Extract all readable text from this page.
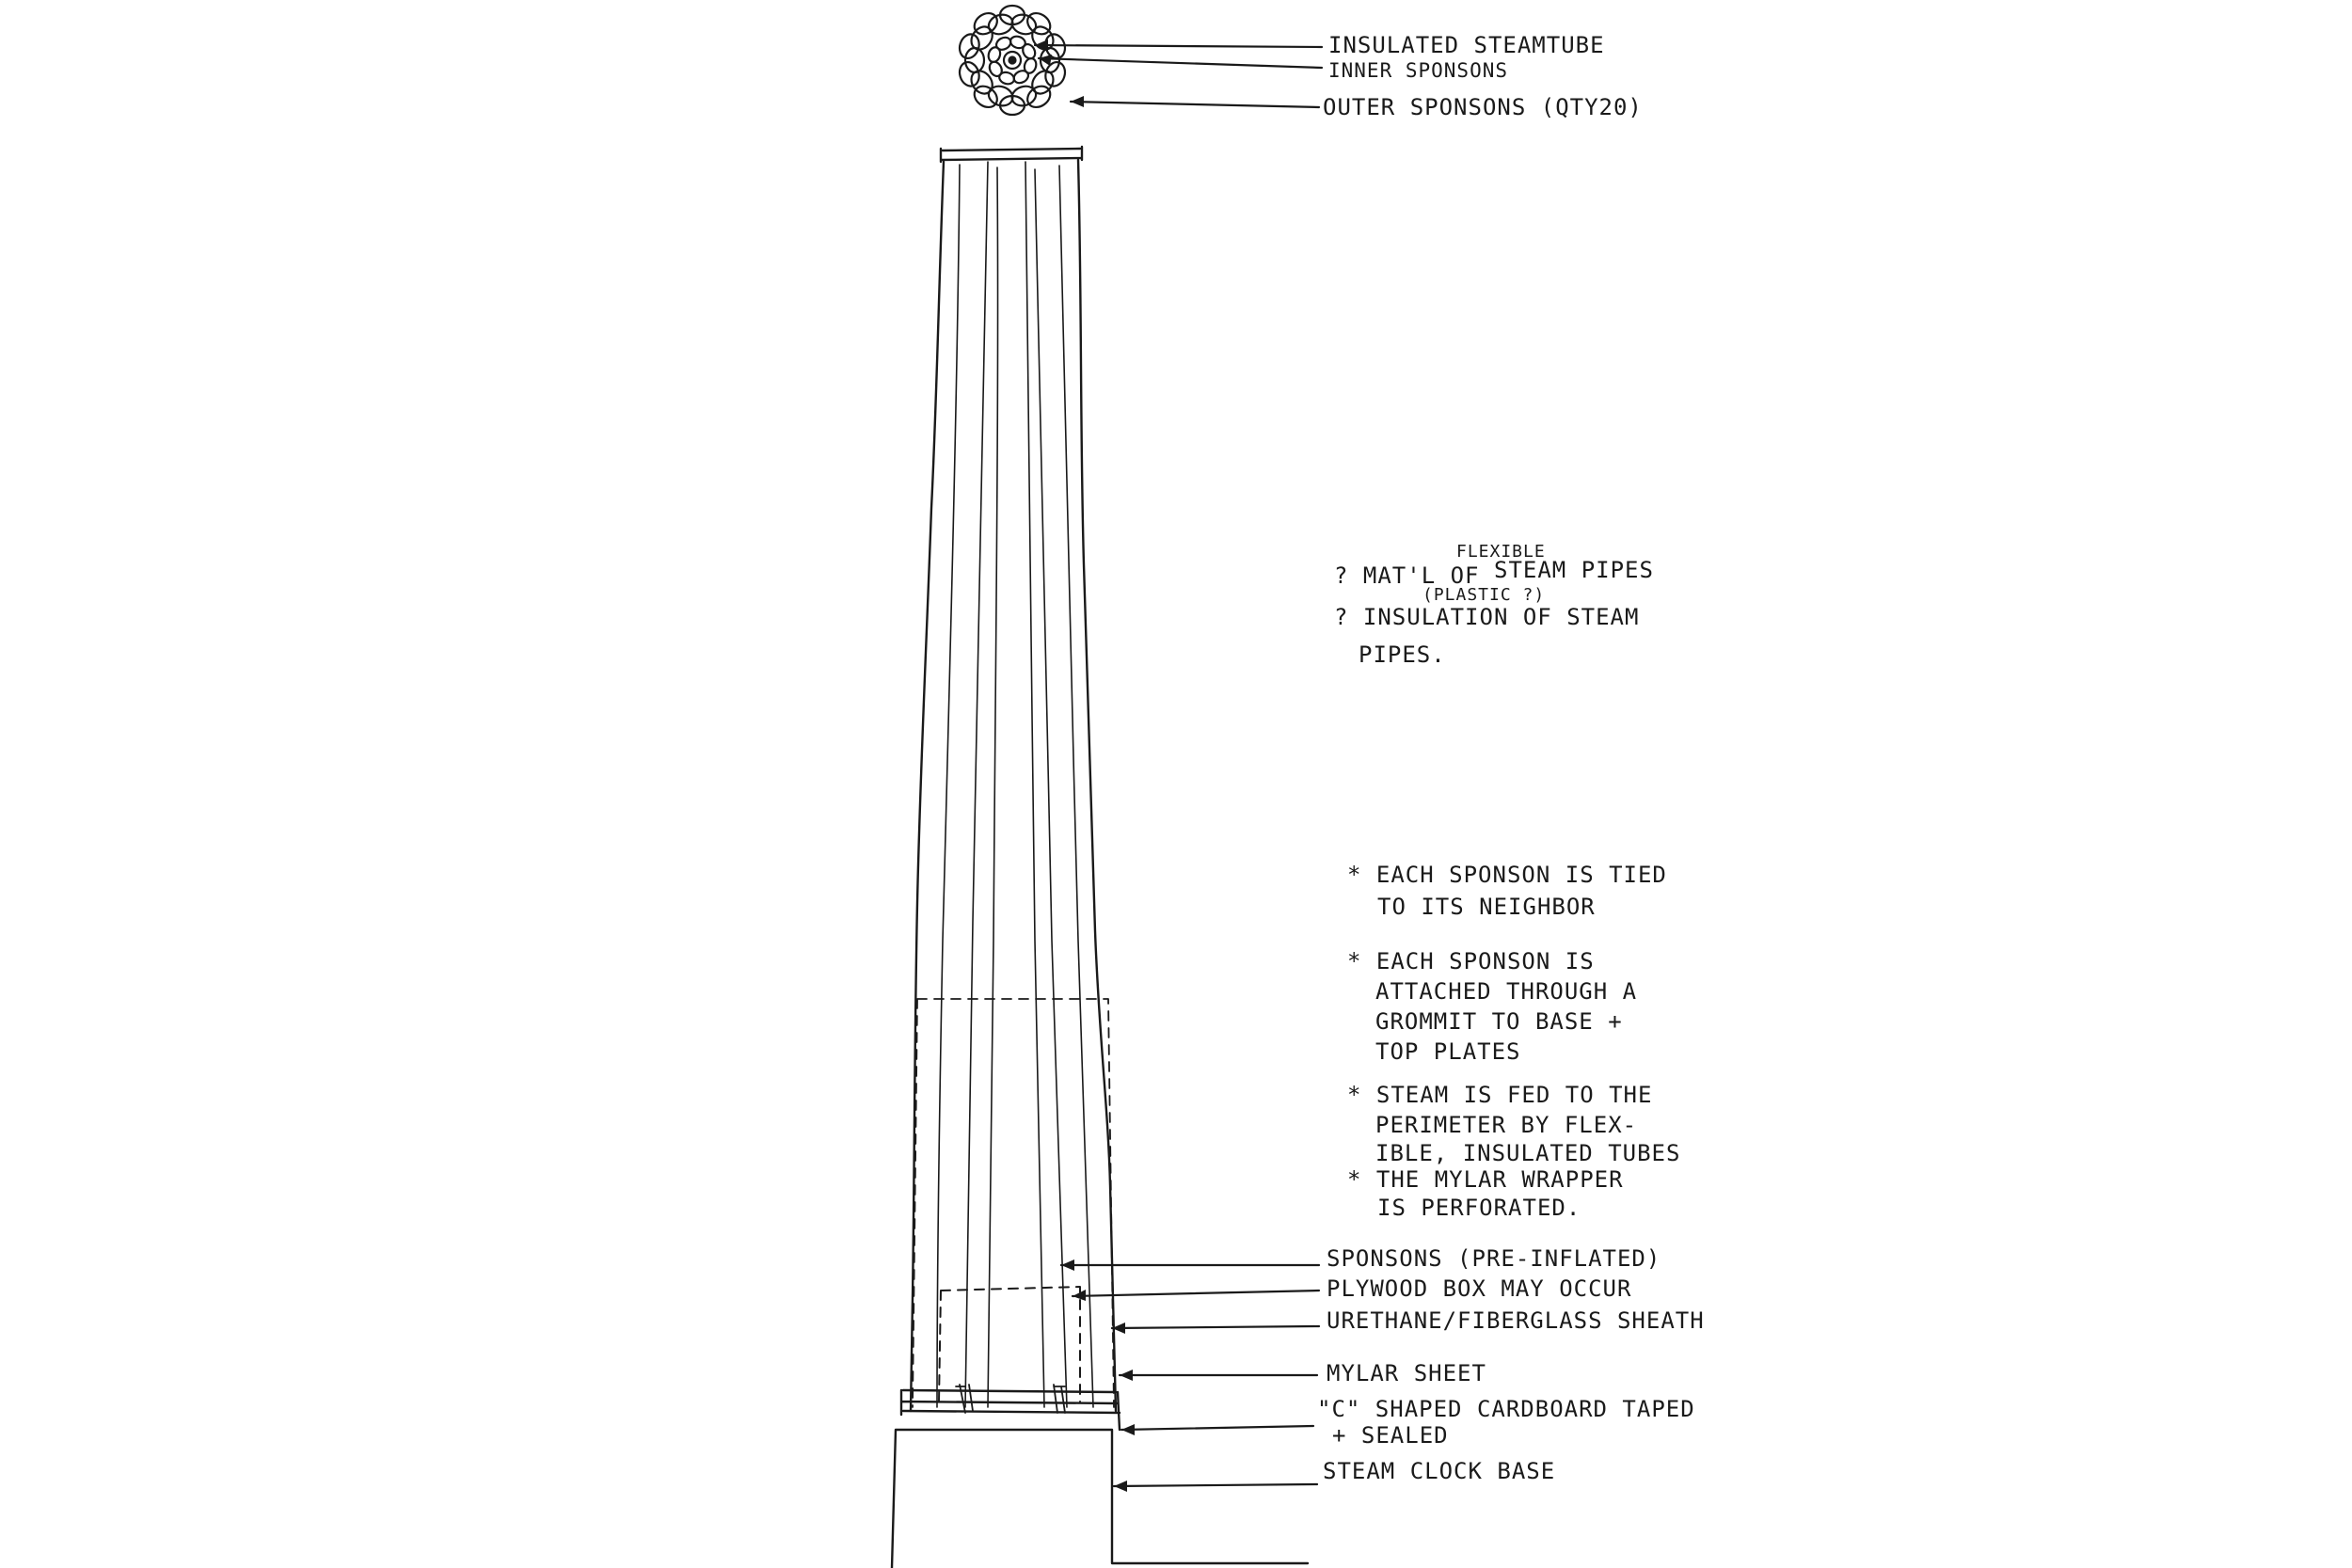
INSULATED STEAMTUBE
INNER SPONSONS
OUTER SPONSONS (QTY20)
FLEXIBLE
? MAT'L OF STEAM PIPES
(PLASTIC ?)
? INSULATION OF STEAM
PIPES.
* EACH SPONSON IS TIED
TO ITS NEIGHBOR
* EACH SPONSON IS
ATTACHED THROUGH A
GROMMIT TO BASE +
TOP PLATES
* STEAM IS FED TO THE
PERIMETER BY FLEX-
IBLE, INSULATED TUBES
* THE MYLAR WRAPPER
IS PERFORATED.
SPONSONS (PRE-INFLATED)
PLYWOOD BOX MAY OCCUR
URETHANE/FIBERGLASS SHEATH
MYLAR SHEET
"C" SHAPED CARDBOARD TAPED
+ SEALED
STEAM CLOCK BASE
